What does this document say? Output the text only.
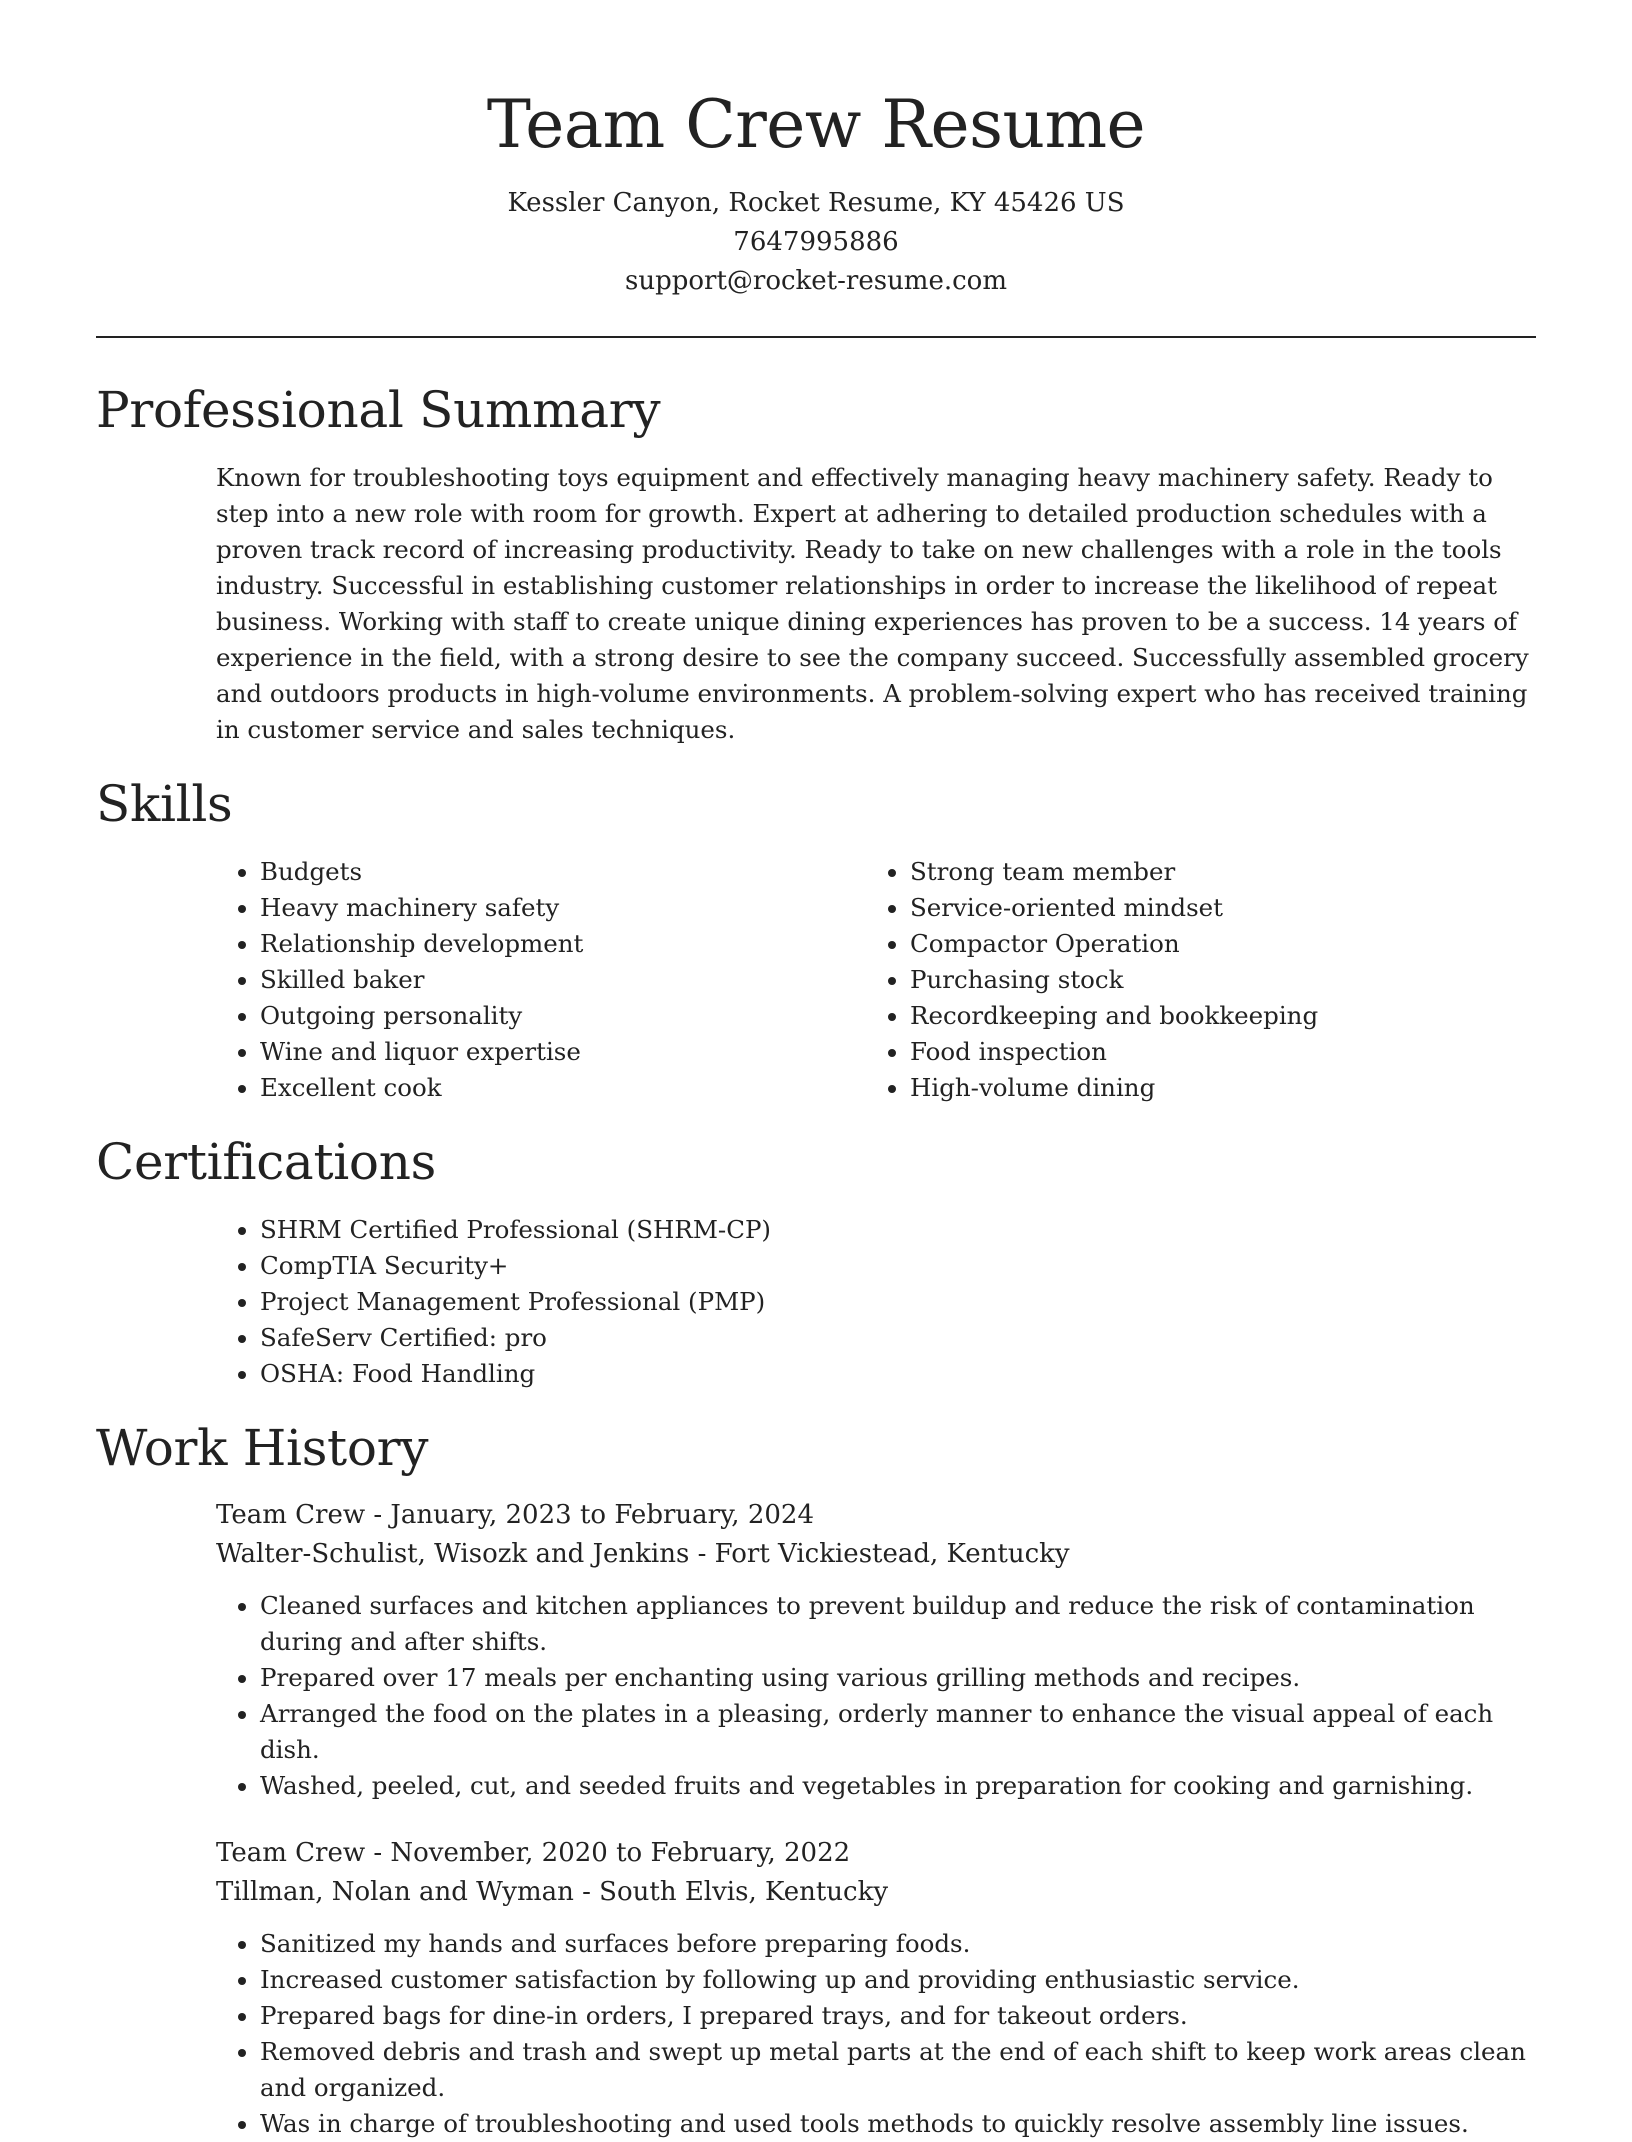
Team Crew Resume
Kessler Canyon, Rocket Resume, KY 45426 US
7647995886
support@rocket-resume.com
Professional Summary

Known for troubleshooting toys equipment and effectively managing heavy machinery safety. Ready to step into a new role with room for growth. Expert at adhering to detailed production schedules with a proven track record of increasing productivity. Ready to take on new challenges with a role in the tools industry. Successful in establishing customer relationships in order to increase the likelihood of repeat business. Working with staff to create unique dining experiences has proven to be a success. 14 years of experience in the field, with a strong desire to see the company succeed. Successfully assembled grocery and outdoors products in high-volume environments. A problem-solving expert who has received training in customer service and sales techniques.

Skills
• Budgets
• Heavy machinery safety
• Relationship development
• Skilled baker
• Outgoing personality
• Wine and liquor expertise
• Excellent cook
• Strong team member
• Service-oriented mindset
• Compactor Operation
• Purchasing stock
• Recordkeeping and bookkeeping
• Food inspection
• High-volume dining
Certifications
• SHRM Certified Professional (SHRM-CP)
• CompTIA Security+
• Project Management Professional (PMP)
• SafeServ Certified: pro
• OSHA: Food Handling
Work History
Team Crew - January, 2023 to February, 2024
Walter-Schulist, Wisozk and Jenkins - Fort Vickiestead, Kentucky
• Cleaned surfaces and kitchen appliances to prevent buildup and reduce the risk of contamination during and after shifts.
• Prepared over 17 meals per enchanting using various grilling methods and recipes.
• Arranged the food on the plates in a pleasing, orderly manner to enhance the visual appeal of each dish.
• Washed, peeled, cut, and seeded fruits and vegetables in preparation for cooking and garnishing.
Team Crew - November, 2020 to February, 2022
Tillman, Nolan and Wyman - South Elvis, Kentucky
• Sanitized my hands and surfaces before preparing foods.
• Increased customer satisfaction by following up and providing enthusiastic service.
• Prepared bags for dine-in orders, I prepared trays, and for takeout orders.
• Removed debris and trash and swept up metal parts at the end of each shift to keep work areas clean and organized.
• Was in charge of troubleshooting and used tools methods to quickly resolve assembly line issues.
